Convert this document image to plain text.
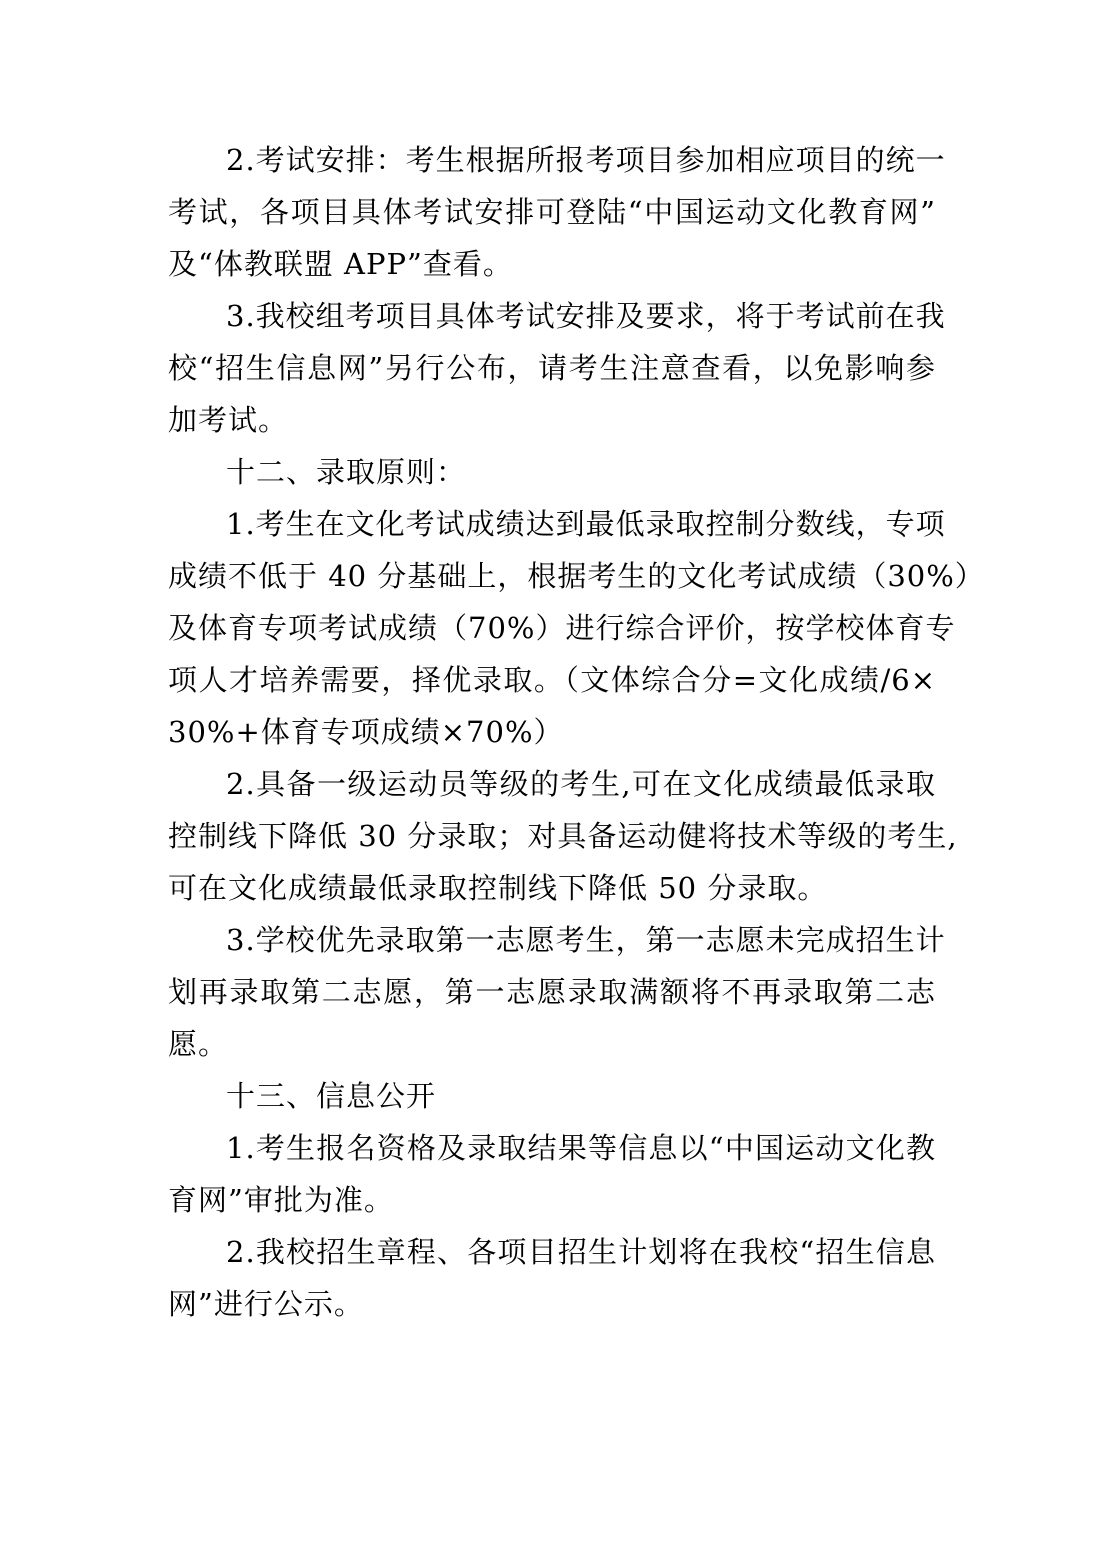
2.考试安排：考生根据所报考项目参加相应项目的统一
考试，各项目具体考试安排可登陆“中国运动文化教育网”
及“体教联盟 APP”查看。
3.我校组考项目具体考试安排及要求，将于考试前在我
校“招生信息网”另行公布，请考生注意查看，以免影响参
加考试。
十二、录取原则：
1.考生在文化考试成绩达到最低录取控制分数线，专项
成绩不低于 40 分基础上，根据考生的文化考试成绩（30%）
及体育专项考试成绩（70%）进行综合评价，按学校体育专
项人才培养需要，择优录取。（文体综合分=文化成绩/6×
30%+体育专项成绩×70%）
2.具备一级运动员等级的考生,可在文化成绩最低录取
控制线下降低 30 分录取；对具备运动健将技术等级的考生,
可在文化成绩最低录取控制线下降低 50 分录取。
3.学校优先录取第一志愿考生，第一志愿未完成招生计
划再录取第二志愿，第一志愿录取满额将不再录取第二志
愿。
十三、信息公开
1.考生报名资格及录取结果等信息以“中国运动文化教
育网”审批为准。
2.我校招生章程、各项目招生计划将在我校“招生信息
网”进行公示。
